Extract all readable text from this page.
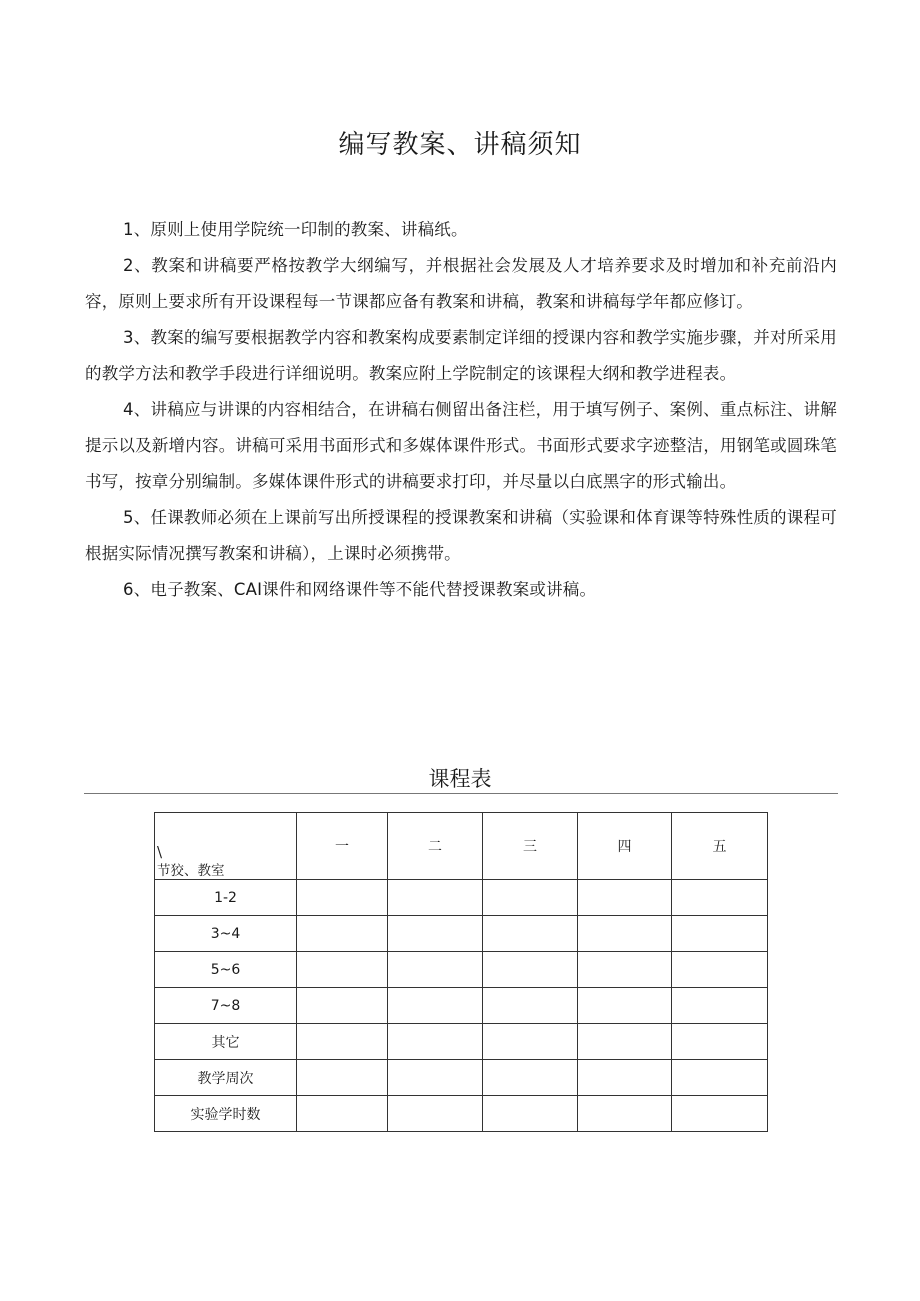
编写教案、讲稿须知

1、原则上使用学院统一印制的教案、讲稿纸。

2、教案和讲稿要严格按教学大纲编写，并根据社会发展及人才培养要求及时增加和补充前沿内容，原则上要求所有开设课程每一节课都应备有教案和讲稿，教案和讲稿每学年都应修订。

3、教案的编写要根据教学内容和教案构成要素制定详细的授课内容和教学实施步骤，并对所采用的教学方法和教学手段进行详细说明。教案应附上学院制定的该课程大纲和教学进程表。

4、讲稿应与讲课的内容相结合，在讲稿右侧留出备注栏，用于填写例子、案例、重点标注、讲解提示以及新增内容。讲稿可采用书面形式和多媒体课件形式。书面形式要求字迹整洁，用钢笔或圆珠笔书写，按章分别编制。多媒体课件形式的讲稿要求打印，并尽量以白底黑字的形式输出。

5、任课教师必须在上课前写出所授课程的授课教案和讲稿（实验课和体育课等特殊性质的课程可根据实际情况撰写教案和讲稿），上课时必须携带。

6、电子教案、CAI课件和网络课件等不能代替授课教案或讲稿。

课程表
\
节狡、教室	一	二	三	四	五
1-2					
3~4					
5~6					
7~8					
其它					
教学周次					
实验学时数					
